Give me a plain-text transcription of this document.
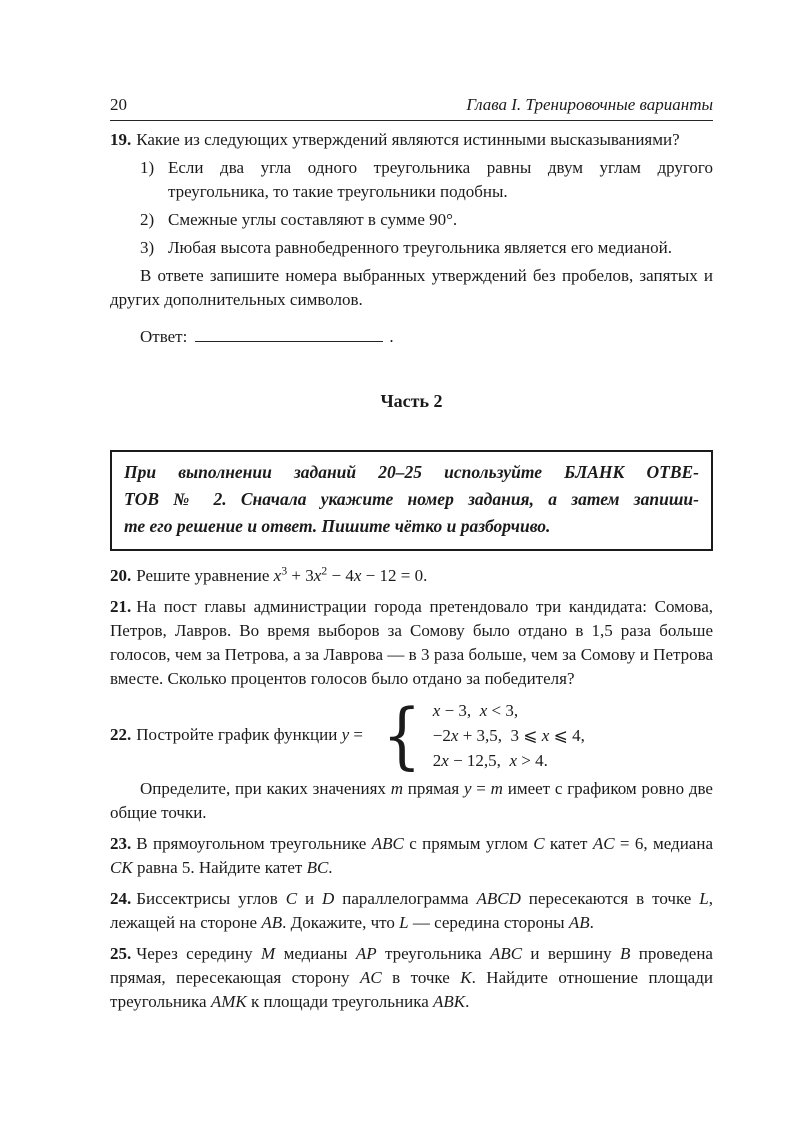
20	Глава I. Тренировочные варианты

19. Какие из следующих утверждений являются истинными высказываниями?

1) Если два угла одного треугольника равны двум углам другого треугольника, то такие треугольники подобны.
2) Смежные углы составляют в сумме 90°.
3) Любая высота равнобедренного треугольника является его медианой.

В ответе запишите номера выбранных утверждений без пробелов, запятых и других дополнительных символов.

Ответ:	.

Часть 2
При выполнении заданий 20–25 используйте БЛАНК ОТВЕ-
ТОВ № 2. Сначала укажите номер задания, а затем запиши-
те его решение и ответ. Пишите чётко и разборчиво.

20. Решите уравнение $x^3 + 3x^2 - 4x - 12 = 0$.

21. На пост главы администрации города претендовало три кандидата: Сомова, Петров, Лавров. Во время выборов за Сомову было отдано в 1,5 раза больше голосов, чем за Петрова, а за Лаврова — в 3 раза больше, чем за Сомову и Петрова вместе. Сколько процентов голосов было отдано за победителя?

22. Постройте график функции y = { x − 3,  x < 3,
−2x + 3,5,  3 ⩽ x ⩽ 4,
2x − 12,5,  x > 4.

Определите, при каких значениях m прямая y = m имеет с графиком ровно две общие точки.

23. В прямоугольном треугольнике ABC с прямым углом C катет AC = 6, медиана CK равна 5. Найдите катет BC.

24. Биссектрисы углов C и D параллелограмма ABCD пересекаются в точке L, лежащей на стороне AB. Докажите, что L — середина стороны AB.

25. Через середину M медианы AP треугольника ABC и вершину B проведена прямая, пересекающая сторону AC в точке K. Найдите отношение площади треугольника AMK к площади треугольника ABK.
